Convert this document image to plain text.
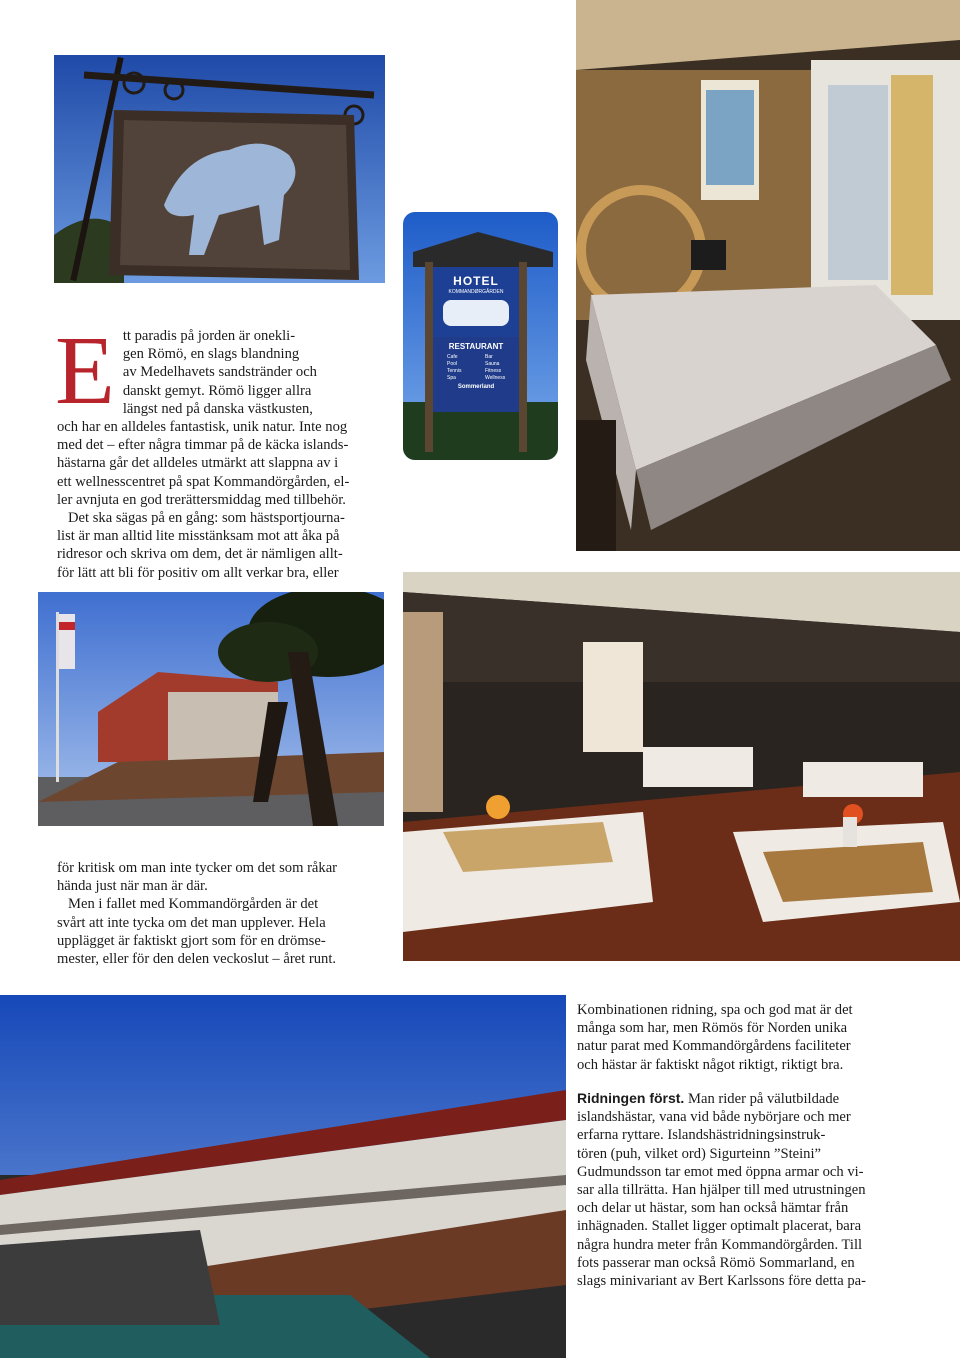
HOTEL
KOMMANDØRGÅRDEN
RESTAURANT
Cafe
Pool
Tennis
Spa
Bar
Sauna
Fitness
Wellness
Sommerland
E tt paradis på jorden är onekli-

gen Römö, en slags blandning

av Medelhavets sandstränder och

danskt gemyt. Römö ligger allra

längst ned på danska västkusten,

och har en alldeles fantastisk, unik natur. Inte nog

med det – efter några timmar på de käcka islands-

hästarna går det alldeles utmärkt att slappna av i

ett wellnesscentret på spat Kommandörgården, el-

ler avnjuta en god trerättersmiddag med tillbehör.

Det ska sägas på en gång: som hästsportjourna-

list är man alltid lite misstänksam mot att åka på

ridresor och skriva om dem, det är nämligen allt-

för lätt att bli för positiv om allt verkar bra, eller

för kritisk om man inte tycker om det som råkar

hända just när man är där.

Men i fallet med Kommandörgården är det

svårt att inte tycka om det man upplever. Hela

upplägget är faktiskt gjort som för en drömse-

mester, eller för den delen veckoslut – året runt.

Kombinationen ridning, spa och god mat är det

många som har, men Römös för Norden unika

natur parat med Kommandörgårdens faciliteter

och hästar är faktiskt något riktigt, riktigt bra.

Ridningen först. Man rider på välutbildade

islandshästar, vana vid både nybörjare och mer

erfarna ryttare. Islandshästridningsinstruk-

tören (puh, vilket ord) Sigurteinn ”Steini”

Gudmundsson tar emot med öppna armar och vi-

sar alla tillrätta. Han hjälper till med utrustningen

och delar ut hästar, som han också hämtar från

inhägnaden. Stallet ligger optimalt placerat, bara

några hundra meter från Kommandörgården. Till

fots passerar man också Römö Sommarland, en

slags minivariant av Bert Karlssons före detta pa-
